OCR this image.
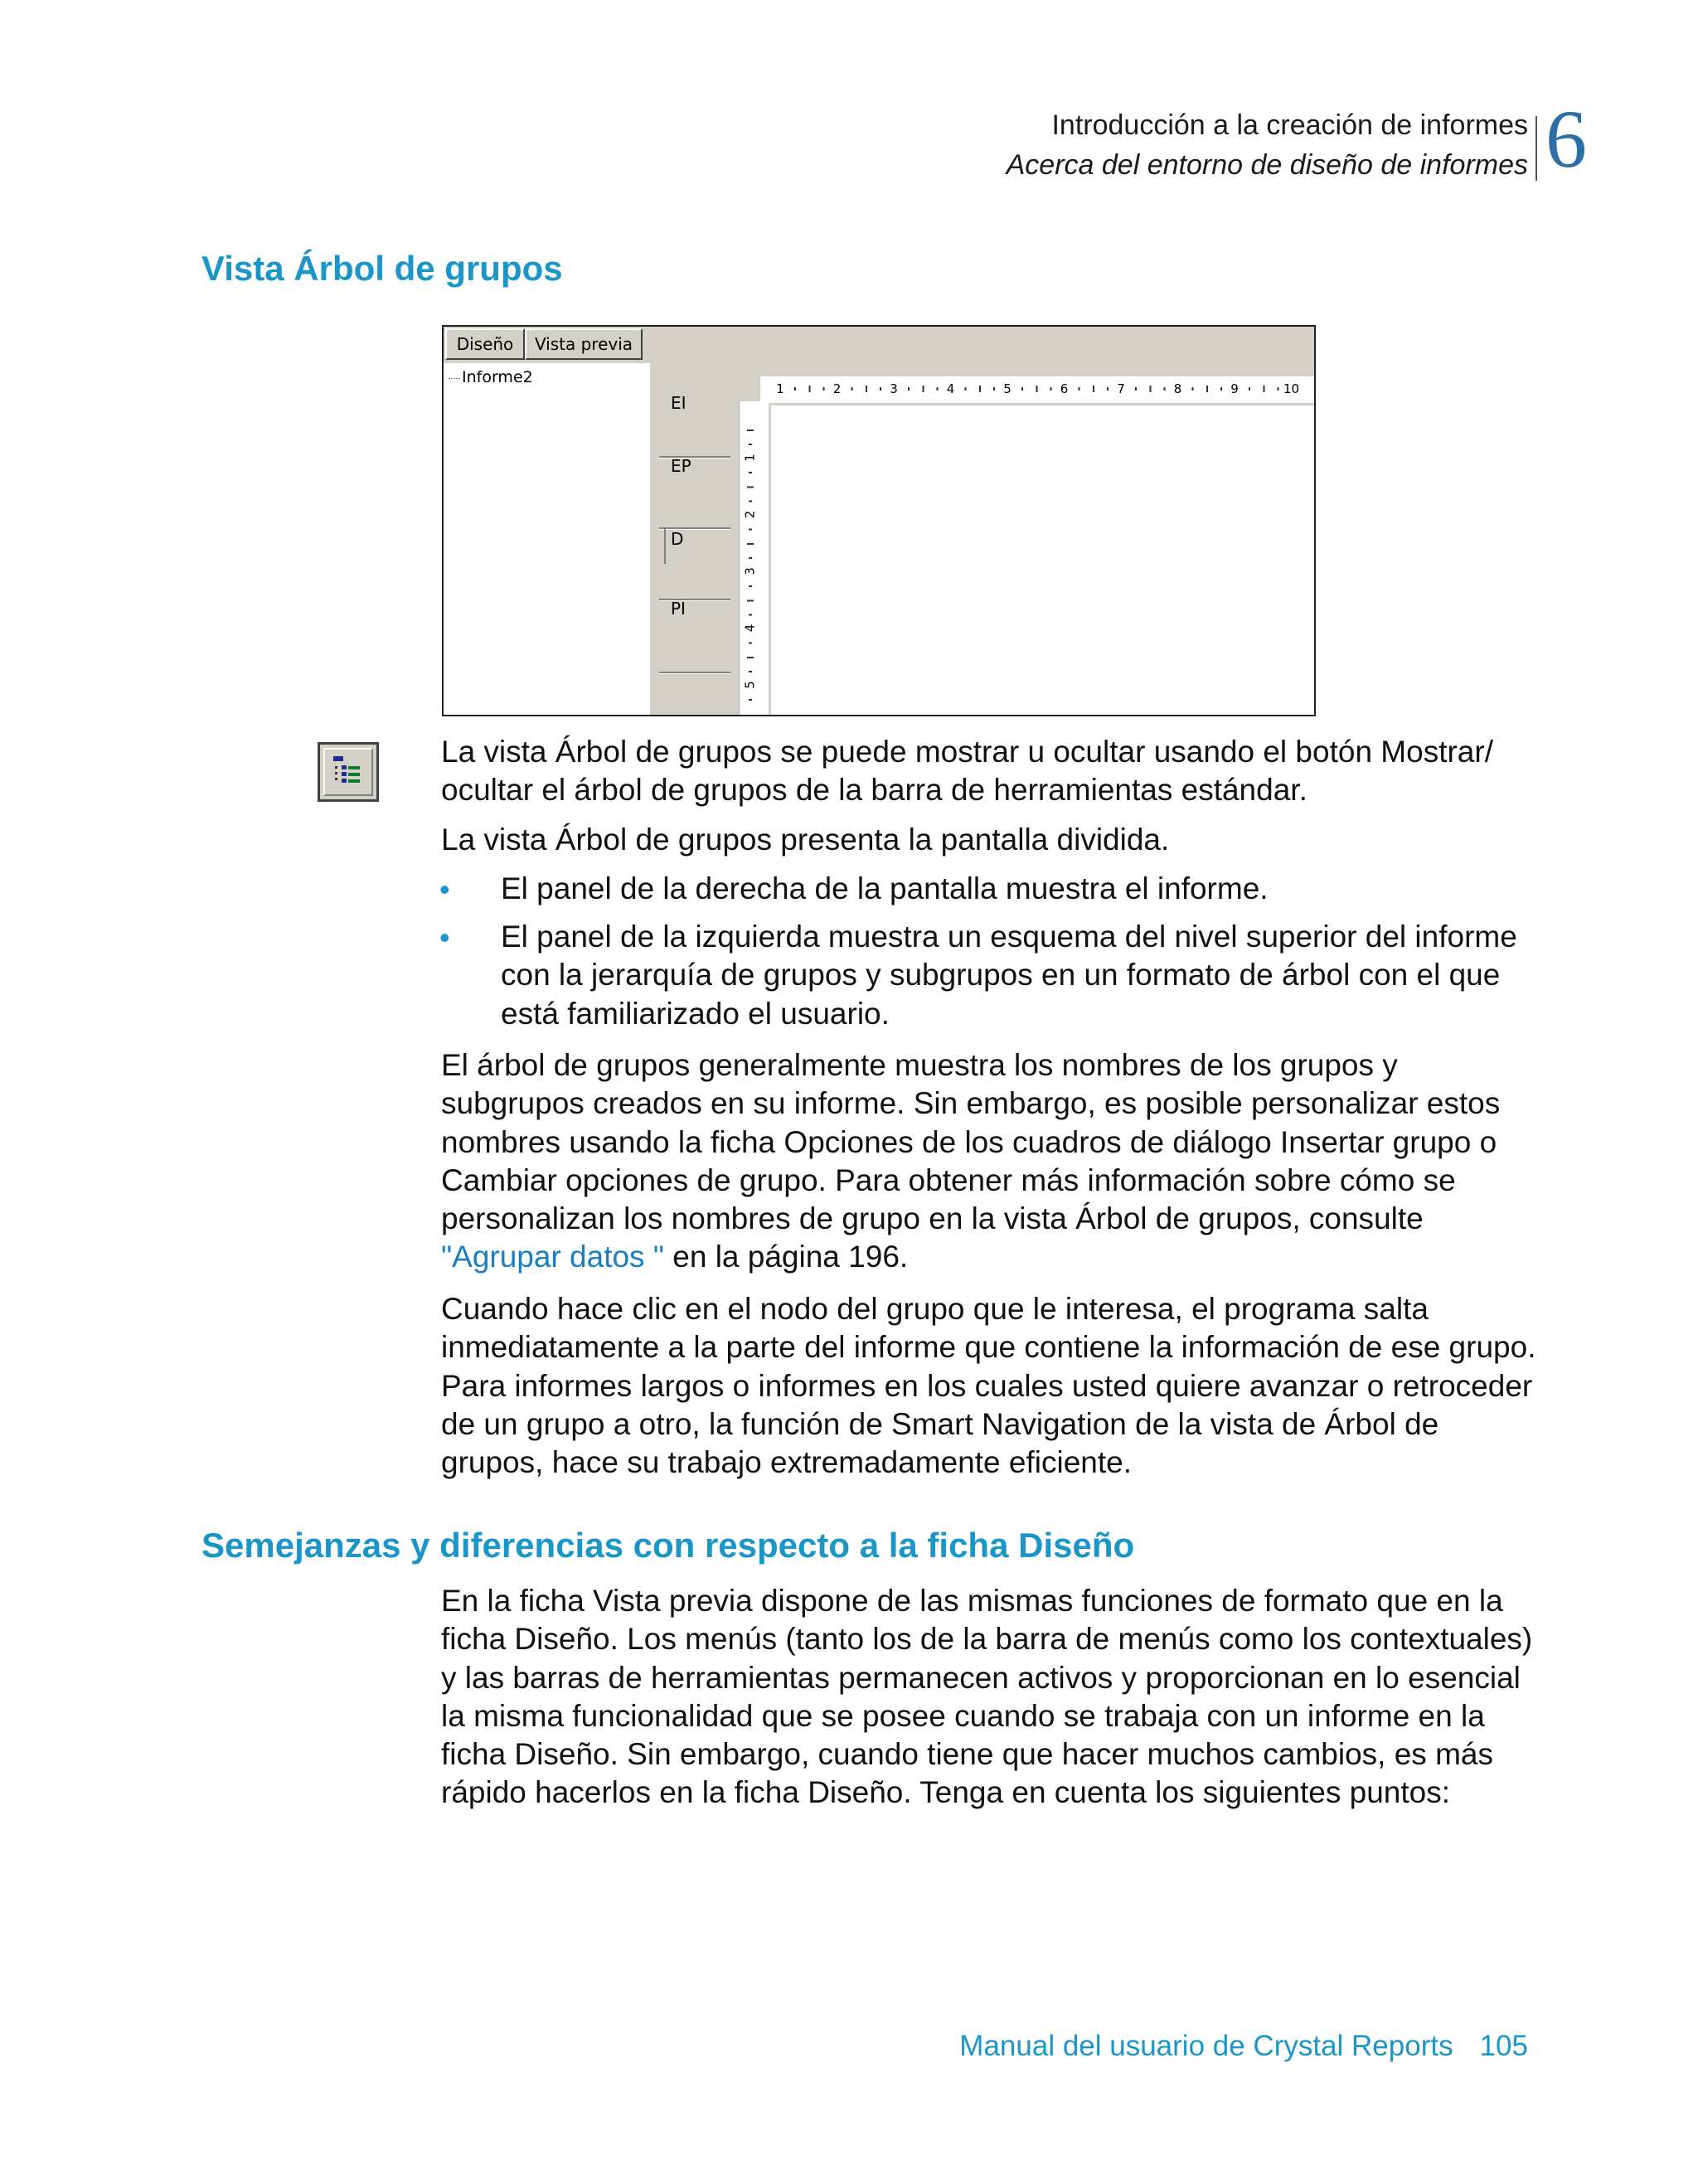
Introducción a la creación de informes
Acerca del entorno de diseño de informes 6
Vista Árbol de grupos
Diseño	Vista previa
Informe2
EI
EP
D
PI
1	2	3	4	5	6	7	8	9	10
1
2
3
4
5
La vista Árbol de grupos se puede mostrar u ocultar usando el botón Mostrar/ ocultar el árbol de grupos de la barra de herramientas estándar.
La vista Árbol de grupos presenta la pantalla dividida.
• El panel de la derecha de la pantalla muestra el informe.
• El panel de la izquierda muestra un esquema del nivel superior del informe con la jerarquía de grupos y subgrupos en un formato de árbol con el que está familiarizado el usuario.
El árbol de grupos generalmente muestra los nombres de los grupos y subgrupos creados en su informe. Sin embargo, es posible personalizar estos nombres usando la ficha Opciones de los cuadros de diálogo Insertar grupo o Cambiar opciones de grupo. Para obtener más información sobre cómo se personalizan los nombres de grupo en la vista Árbol de grupos, consulte "Agrupar datos " en la página 196.
Cuando hace clic en el nodo del grupo que le interesa, el programa salta inmediatamente a la parte del informe que contiene la información de ese grupo. Para informes largos o informes en los cuales usted quiere avanzar o retroceder de un grupo a otro, la función de Smart Navigation de la vista de Árbol de grupos, hace su trabajo extremadamente eficiente.
Semejanzas y diferencias con respecto a la ficha Diseño
En la ficha Vista previa dispone de las mismas funciones de formato que en la ficha Diseño. Los menús (tanto los de la barra de menús como los contextuales) y las barras de herramientas permanecen activos y proporcionan en lo esencial la misma funcionalidad que se posee cuando se trabaja con un informe en la ficha Diseño. Sin embargo, cuando tiene que hacer muchos cambios, es más rápido hacerlos en la ficha Diseño. Tenga en cuenta los siguientes puntos:
Manual del usuario de Crystal Reports 105
